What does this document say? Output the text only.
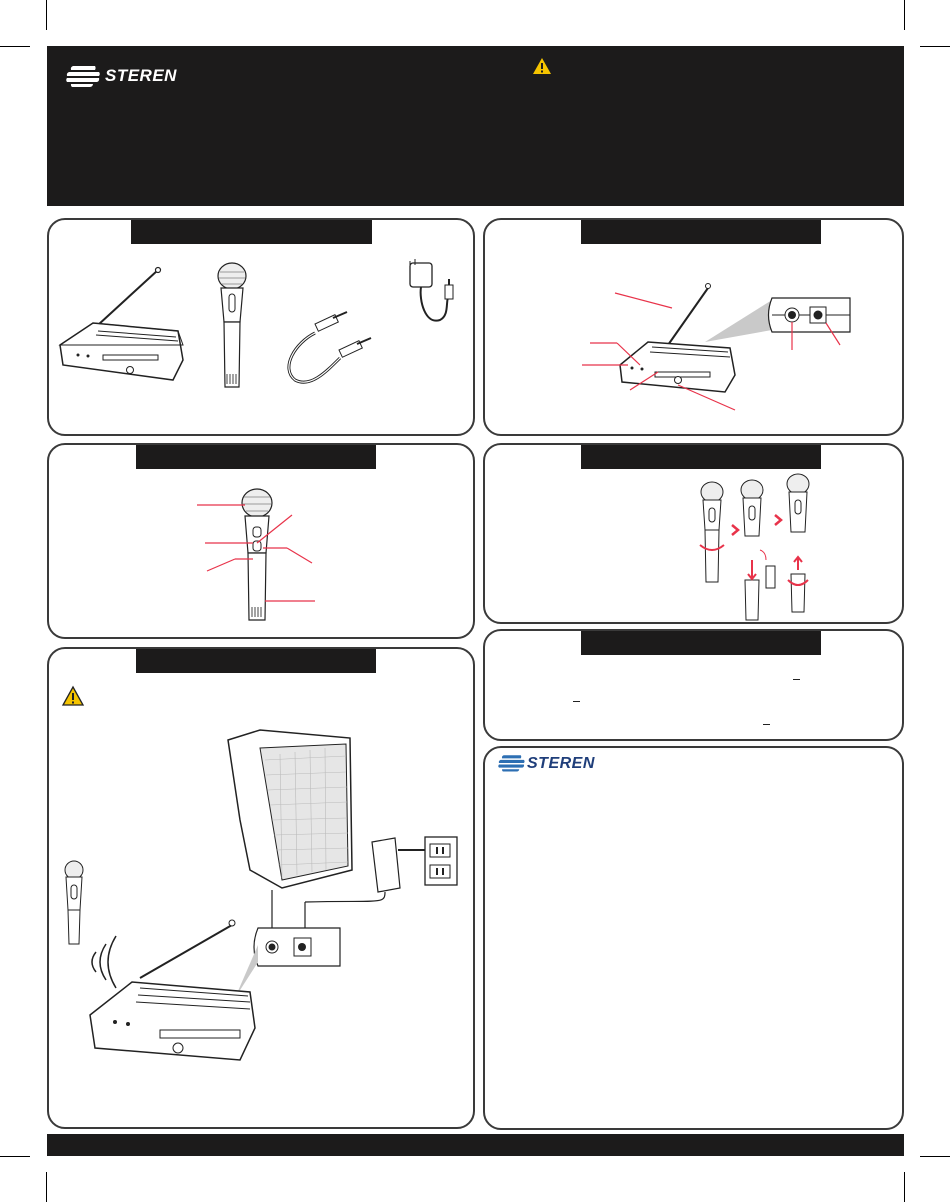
STEREN
STEREN
